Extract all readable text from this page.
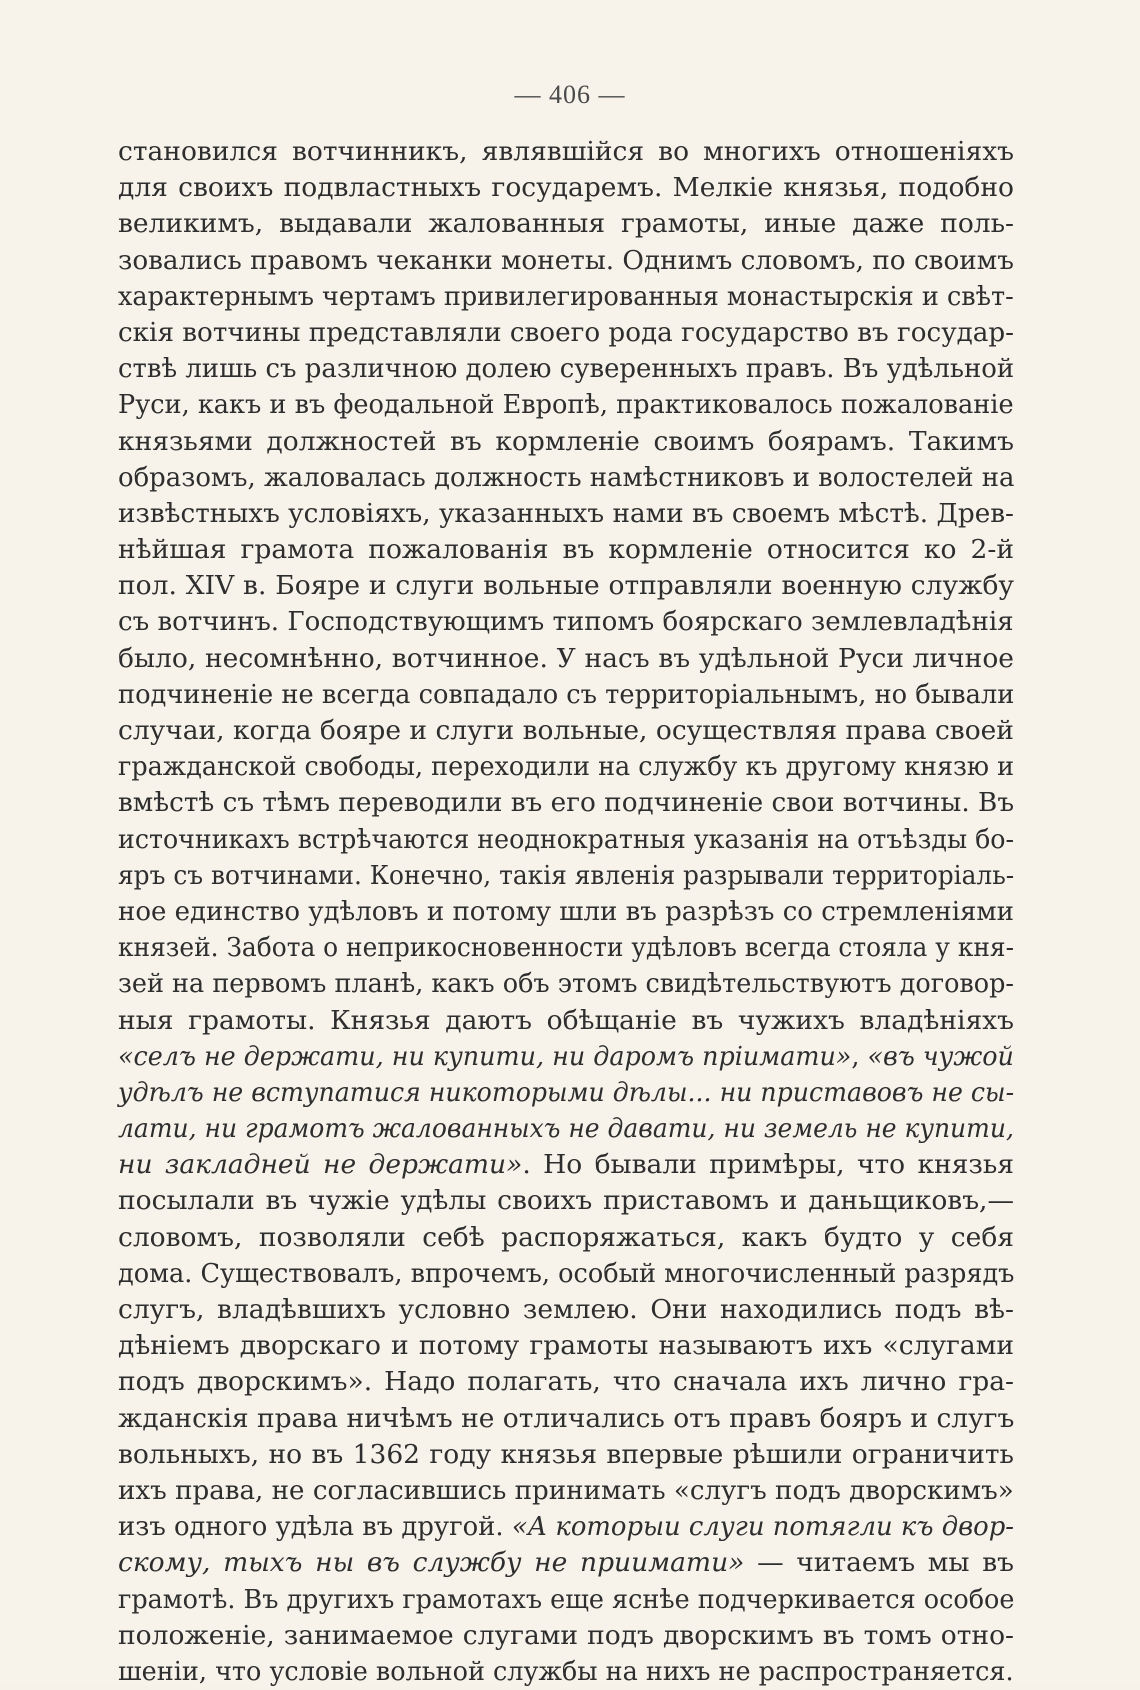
— 406 —
становился вотчинникъ, являвшійся во многихъ отношеніяхъ
для своихъ подвластныхъ государемъ. Мелкіе князья, подобно
великимъ, выдавали жалованныя грамоты, иные даже поль-
зовались правомъ чеканки монеты. Однимъ словомъ, по своимъ
характернымъ чертамъ привилегированныя монастырскія и свѣт-
скія вотчины представляли своего рода государство въ государ-
ствѣ лишь съ различною долею суверенныхъ правъ. Въ удѣльной
Руси, какъ и въ феодальной Европѣ, практиковалось пожалованіе
князьями должностей въ кормленіе своимъ боярамъ. Такимъ
образомъ, жаловалась должность намѣстниковъ и волостелей на
извѣстныхъ условіяхъ, указанныхъ нами въ своемъ мѣстѣ. Древ-
нѣйшая грамота пожалованія въ кормленіе относится ко 2-й
пол. XIV в. Бояре и слуги вольные отправляли военную службу
съ вотчинъ. Господствующимъ типомъ боярскаго землевладѣнія
было, несомнѣнно, вотчинное. У насъ въ удѣльной Руси личное
подчиненіе не всегда совпадало съ территоріальнымъ, но бывали
случаи, когда бояре и слуги вольные, осуществляя права своей
гражданской свободы, переходили на службу къ другому князю и
вмѣстѣ съ тѣмъ переводили въ его подчиненіе свои вотчины. Въ
источникахъ встрѣчаются неоднократныя указанія на отъѣзды бо-
яръ съ вотчинами. Конечно, такія явленія разрывали территоріаль-
ное единство удѣловъ и потому шли въ разрѣзъ со стремленіями
князей. Забота о неприкосновенности удѣловъ всегда стояла у кня-
зей на первомъ планѣ, какъ объ этомъ свидѣтельствуютъ договор-
ныя грамоты. Князья даютъ обѣщаніе въ чужихъ владѣніяхъ
«селъ не держати, ни купити, ни даромъ пріимати», «въ чужой
удѣлъ не вступатися никоторыми дѣлы... ни приставовъ не сы-
лати, ни грамотъ жалованныхъ не давати, ни земель не купити,
ни закладней не держати». Но бывали примѣры, что князья
посылали въ чужіе удѣлы своихъ приставомъ и даньщиковъ,—
словомъ, позволяли себѣ распоряжаться, какъ будто у себя
дома. Существовалъ, впрочемъ, особый многочисленный разрядъ
слугъ, владѣвшихъ условно землею. Они находились подъ вѣ-
дѣніемъ дворскаго и потому грамоты называютъ ихъ «слугами
подъ дворскимъ». Надо полагать, что сначала ихъ лично гра-
жданскія права ничѣмъ не отличались отъ правъ бояръ и слугъ
вольныхъ, но въ 1362 году князья впервые рѣшили ограничить
ихъ права, не согласившись принимать «слугъ подъ дворскимъ»
изъ одного удѣла въ другой. «А которыи слуги потягли къ двор-
скому, тыхъ ны въ службу не приимати» — читаемъ мы въ
грамотѣ. Въ другихъ грамотахъ еще яснѣе подчеркивается особое
положеніе, занимаемое слугами подъ дворскимъ въ томъ отно-
шеніи, что условіе вольной службы на нихъ не распространяется.
